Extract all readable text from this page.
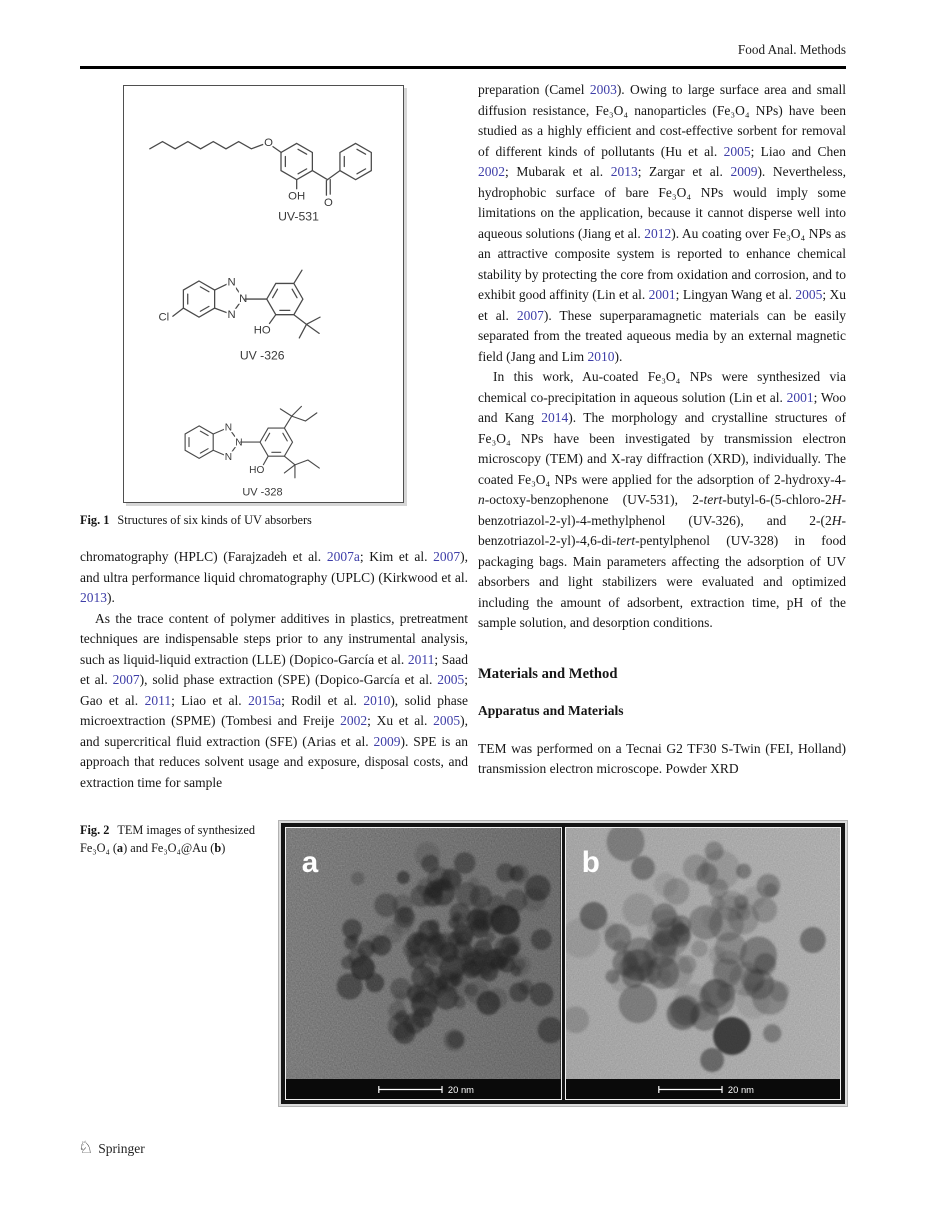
Food Anal. Methods
O
OH
O
UV-531
Cl
N
N
N
HO
UV -326
N
N
N
HO
UV -328

Fig. 1 Structures of six kinds of UV absorbers

chromatography (HPLC) (Farajzadeh et al. 2007a; Kim et al. 2007), and ultra performance liquid chromatography (UPLC) (Kirkwood et al. 2013).

As the trace content of polymer additives in plastics, pretreatment techniques are indispensable steps prior to any instrumental analysis, such as liquid-liquid extraction (LLE) (Dopico-García et al. 2011; Saad et al. 2007), solid phase extraction (SPE) (Dopico-García et al. 2005; Gao et al. 2011; Liao et al. 2015a; Rodil et al. 2010), solid phase microextraction (SPME) (Tombesi and Freije 2002; Xu et al. 2005), and supercritical fluid extraction (SFE) (Arias et al. 2009). SPE is an approach that reduces solvent usage and exposure, disposal costs, and extraction time for sample

preparation (Camel 2003). Owing to large surface area and small diffusion resistance, Fe₃O₄ nanoparticles (Fe₃O₄ NPs) have been studied as a highly efficient and cost-effective sorbent for removal of different kinds of pollutants (Hu et al. 2005; Liao and Chen 2002; Mubarak et al. 2013; Zargar et al. 2009). Nevertheless, hydrophobic surface of bare Fe₃O₄ NPs would imply some limitations on the application, because it cannot disperse well into aqueous solutions (Jiang et al. 2012). Au coating over Fe₃O₄ NPs as an attractive composite system is reported to enhance chemical stability by protecting the core from oxidation and corrosion, and to exhibit good affinity (Lin et al. 2001; Lingyan Wang et al. 2005; Xu et al. 2007). These superparamagnetic materials can be easily separated from the treated aqueous media by an external magnetic field (Jang and Lim 2010).

In this work, Au-coated Fe₃O₄ NPs were synthesized via chemical co-precipitation in aqueous solution (Lin et al. 2001; Woo and Kang 2014). The morphology and crystalline structures of Fe₃O₄ NPs have been investigated by transmission electron microscopy (TEM) and X-ray diffraction (XRD), individually. The coated Fe₃O₄ NPs were applied for the adsorption of 2-hydroxy-4-n-octoxy-benzophenone (UV-531), 2-tert-butyl-6-(5-chloro-2H-benzotriazol-2-yl)-4-methylphenol (UV-326), and 2-(2H-benzotriazol-2-yl)-4,6-di-tert-pentylphenol (UV-328) in food packaging bags. Main parameters affecting the adsorption of UV absorbers and light stabilizers were evaluated and optimized including the amount of adsorbent, extraction time, pH of the sample solution, and desorption conditions.

Materials and Method
Apparatus and Materials

TEM was performed on a Tecnai G2 TF30 S-Twin (FEI, Holland) transmission electron microscope. Powder XRD

Fig. 2 TEM images of synthesized Fe₃O₄ (a) and Fe₃O₄@Au (b)

20 nm
a
20 nm
b
♘ Springer
